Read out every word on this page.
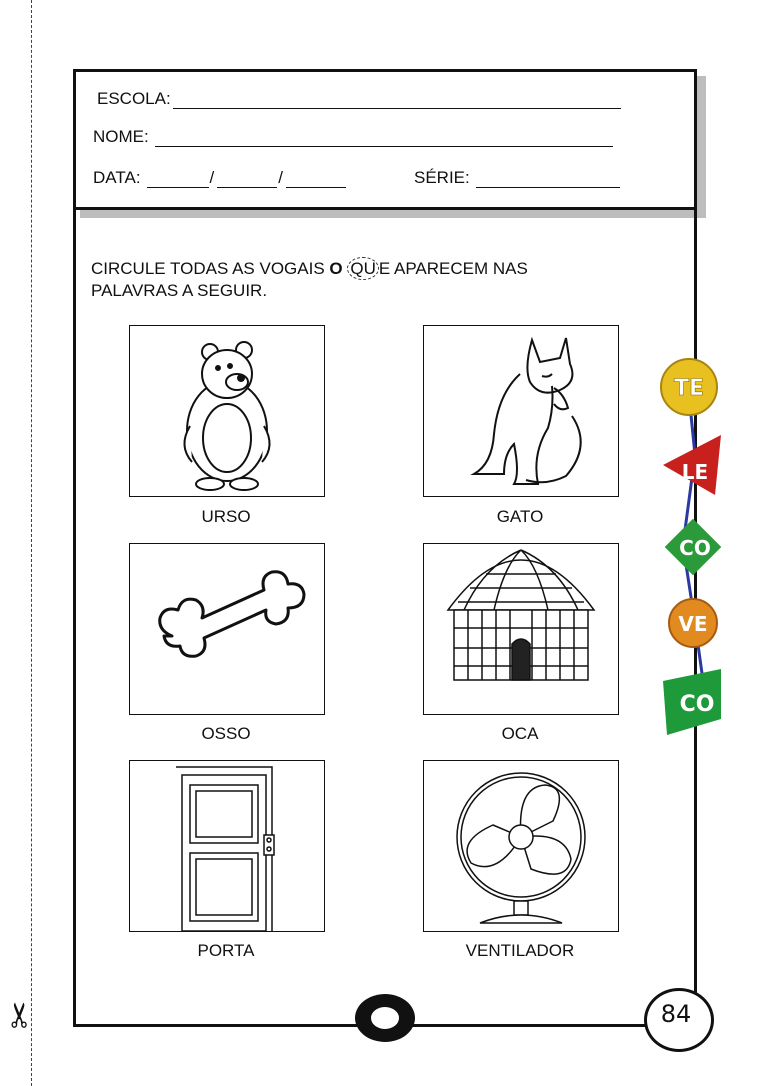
✂
ESCOLA:
NOME:
DATA:	/	/	SÉRIE:
CIRCULE TODAS AS VOGAIS O QU E APARECEM NAS
PALAVRAS A SEGUIR.
URSO	GATO
OSSO	OCA
PORTA	VENTILADOR
TE
LE
CO
VE
CO
84
